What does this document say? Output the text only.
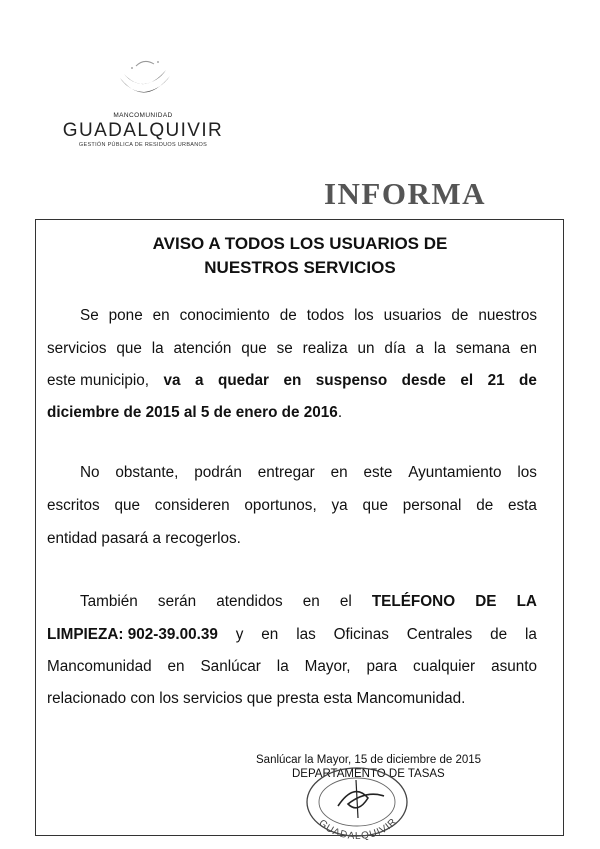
MANCOMUNIDAD
GUADALQUIVIR
GESTIÓN PÚBLICA DE RESIDUOS URBANOS
INFORMA
AVISO A TODOS LOS USUARIOS DE
NUESTROS SERVICIOS
Se pone en conocimiento de todos los usuarios de nuestros
servicios que la atención que se realiza un día a la semana en
este municipio, va a quedar en suspenso desde el 21 de
diciembre de 2015 al 5 de enero de 2016.
No obstante, podrán entregar en este Ayuntamiento los
escritos que consideren oportunos, ya que personal de esta
entidad pasará a recogerlos.
También serán atendidos en el TELÉFONO DE LA
LIMPIEZA: 902-39.00.39 y en las Oficinas Centrales de la
Mancomunidad en Sanlúcar la Mayor, para cualquier asunto
relacionado con los servicios que presta esta Mancomunidad.
Sanlúcar la Mayor, 15 de diciembre de 2015
DEPARTAMENTO DE TASAS
GUADALQUIVIR
